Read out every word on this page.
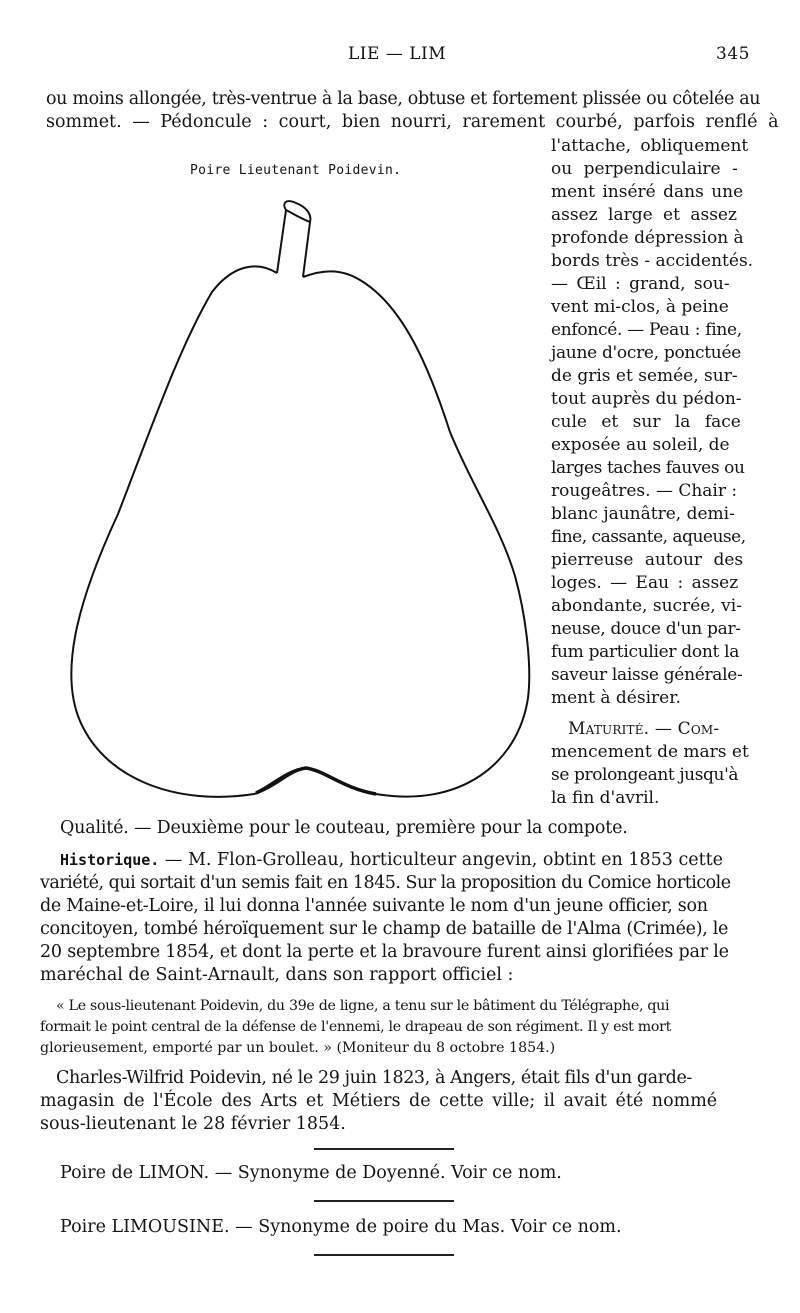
LIE — LIM	345
ou moins allongée, très-ventrue à la base, obtuse et fortement plissée ou côtelée au
sommet. — Pédoncule : court, bien nourri, rarement courbé, parfois renflé à
Poire Lieutenant Poidevin.
l'attache, obliquement
ou perpendiculaire -
ment inséré dans une
assez large et assez
profonde dépression à
bords très - accidentés.
— Œil : grand, sou-
vent mi-clos, à peine
enfoncé. — Peau : fine,
jaune d'ocre, ponctuée
de gris et semée, sur-
tout auprès du pédon-
cule et sur la face
exposée au soleil, de
larges taches fauves ou
rougeâtres. — Chair :
blanc jaunâtre, demi-
fine, cassante, aqueuse,
pierreuse autour des
loges. — Eau : assez
abondante, sucrée, vi-
neuse, douce d'un par-
fum particulier dont la
saveur laisse générale-
ment à désirer.
Maturité. — Com-
mencement de mars et
se prolongeant jusqu'à
la fin d'avril.
Qualité. — Deuxième pour le couteau, première pour la compote.
Historique. — M. Flon-Grolleau, horticulteur angevin, obtint en 1853 cette
variété, qui sortait d'un semis fait en 1845. Sur la proposition du Comice horticole
de Maine-et-Loire, il lui donna l'année suivante le nom d'un jeune officier, son
concitoyen, tombé héroïquement sur le champ de bataille de l'Alma (Crimée), le
20 septembre 1854, et dont la perte et la bravoure furent ainsi glorifiées par le
maréchal de Saint-Arnault, dans son rapport officiel :
« Le sous-lieutenant Poidevin, du 39e de ligne, a tenu sur le bâtiment du Télégraphe, qui
formait le point central de la défense de l'ennemi, le drapeau de son régiment. Il y est mort
glorieusement, emporté par un boulet. » (Moniteur du 8 octobre 1854.)
Charles-Wilfrid Poidevin, né le 29 juin 1823, à Angers, était fils d'un garde-
magasin de l'École des Arts et Métiers de cette ville; il avait été nommé
sous-lieutenant le 28 février 1854.
Poire de LIMON. — Synonyme de Doyenné. Voir ce nom.
Poire LIMOUSINE. — Synonyme de poire du Mas. Voir ce nom.
